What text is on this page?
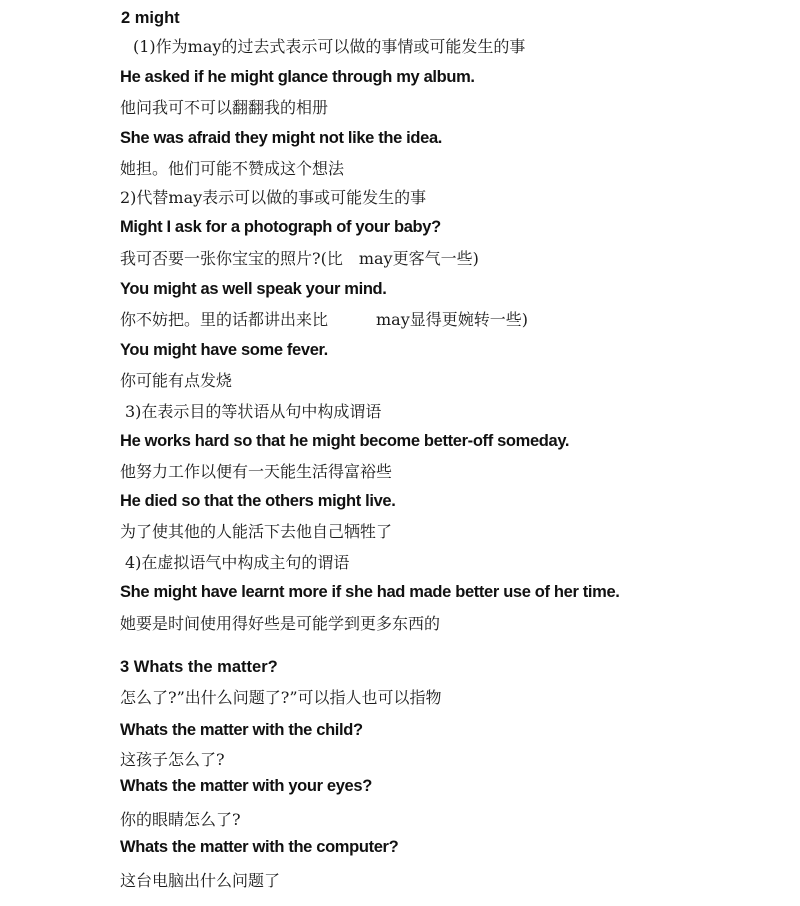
2 might
(1)作为may的过去式表示可以做的事情或可能发生的事
He asked if he might glance through my album.
他问我可不可以翻翻我的相册
She was afraid they might not like the idea.
她担。他们可能不赞成这个想法
2)代替may表示可以做的事或可能发生的事
Might I ask for a photograph of your baby?
我可否要一张你宝宝的照片?(比　may更客气一些)
You might as well speak your mind.
你不妨把。里的话都讲出来比　　　may显得更婉转一些)
You might have some fever.
你可能有点发烧
3)在表示目的等状语从句中构成谓语
He works hard so that he might become better-off someday.
他努力工作以便有一天能生活得富裕些
He died so that the others might live.
为了使其他的人能活下去他自己牺牲了
4)在虚拟语气中构成主句的谓语
She might have learnt more if she had made better use of her time.
她要是时间使用得好些是可能学到更多东西的
3 Whats the matter?
怎么了?”出什么问题了?”可以指人也可以指物
Whats the matter with the child?
这孩子怎么了?
Whats the matter with your eyes?
你的眼睛怎么了?
Whats the matter with the computer?
这台电脑出什么问题了
